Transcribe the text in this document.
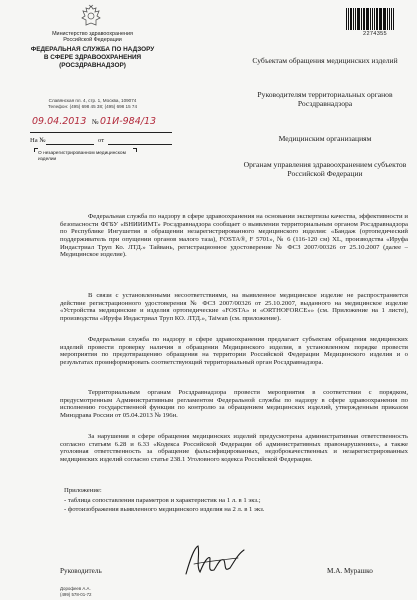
Министерство здравоохранения
Российской Федерации
ФЕДЕРАЛЬНАЯ СЛУЖБА ПО НАДЗОРУ
В СФЕРЕ ЗДРАВООХРАНЕНИЯ
(РОСЗДРАВНАДЗОР)
Славянская пл. 4, стр. 1, Москва, 109074
Телефон: (495) 698 45 38; (495) 698 15 74
09.04.2013 № 01И-984/13
На №	от
О незарегистрированном медицинском изделии
2274355
Субъектам обращения медицинских изделий
Руководителям территориальных органов Росздравнадзора
Медицинским организациям
Органам управления здравоохранением субъектов Российской Федерации

Федеральная служба по надзору в сфере здравоохранения на основании экспертизы качества, эффективности и безопасности ФГБУ «ВНИИИМТ» Росздравнадзора сообщает о выявлении территориальным органом Росздравнадзора по Республике Ингушетия в обращении незарегистрированного медицинского изделия: «Бандаж (ортопедический поддерживатель при опущении органов малого таза), FOSTA®, F 5701», № 6 (116-120 см) XL, производства «Ируфа Индастриал Труп Ко. ЛТД.» Тайвань, регистрационное удостоверение № ФСЗ 2007/00326 от 25.10.2007 (далее – Медицинское изделие).

В связи с установленными несоответствиями, на выявленное медицинское изделие не распространяется действие регистрационного удостоверения № ФСЗ 2007/00326 от 25.10.2007, выданного на медицинское изделие «Устройства медицинские и изделия ортопедические «FOSTA» и «ORTHOFORCE»» (см. Приложение на 1 листе), производства «Ируфа Индастриал Труп КО. ЛТД.», Taiwan (см. приложение).

Федеральная служба по надзору в сфере здравоохранения предлагает субъектам обращения медицинских изделий провести проверку наличия в обращении Медицинского изделия, в установленном порядке провести мероприятия по предотвращению обращения на территории Российской Федерации Медицинского изделия и о результатах проинформировать соответствующий территориальный орган Росздравнадзора.

Территориальным органам Росздравнадзора провести мероприятия в соответствии с порядком, предусмотренным Административным регламентом Федеральной службы по надзору в сфере здравоохранения по исполнению государственной функции по контролю за обращением медицинских изделий, утвержденным приказом Минздрава России от 05.04.2013 № 196н.

За нарушения в сфере обращения медицинских изделий предусмотрена административная ответственность согласно статьям 6.28 и 6.33 «Кодекса Российской Федерации об административных правонарушениях», а также уголовная ответственность за обращение фальсифицированных, недоброкачественных и незарегистрированных медицинских изделий согласно статье 238.1 Уголовного кодекса Российской Федерации.

Приложение:
- таблица сопоставления параметров и характеристик на 1 л. в 1 экз.;
- фотоизображения выявленного медицинского изделия на 2 л. в 1 экз.
Руководитель	М.А. Мурашко
Дорофеев А.А.
(499) 578-01-72
